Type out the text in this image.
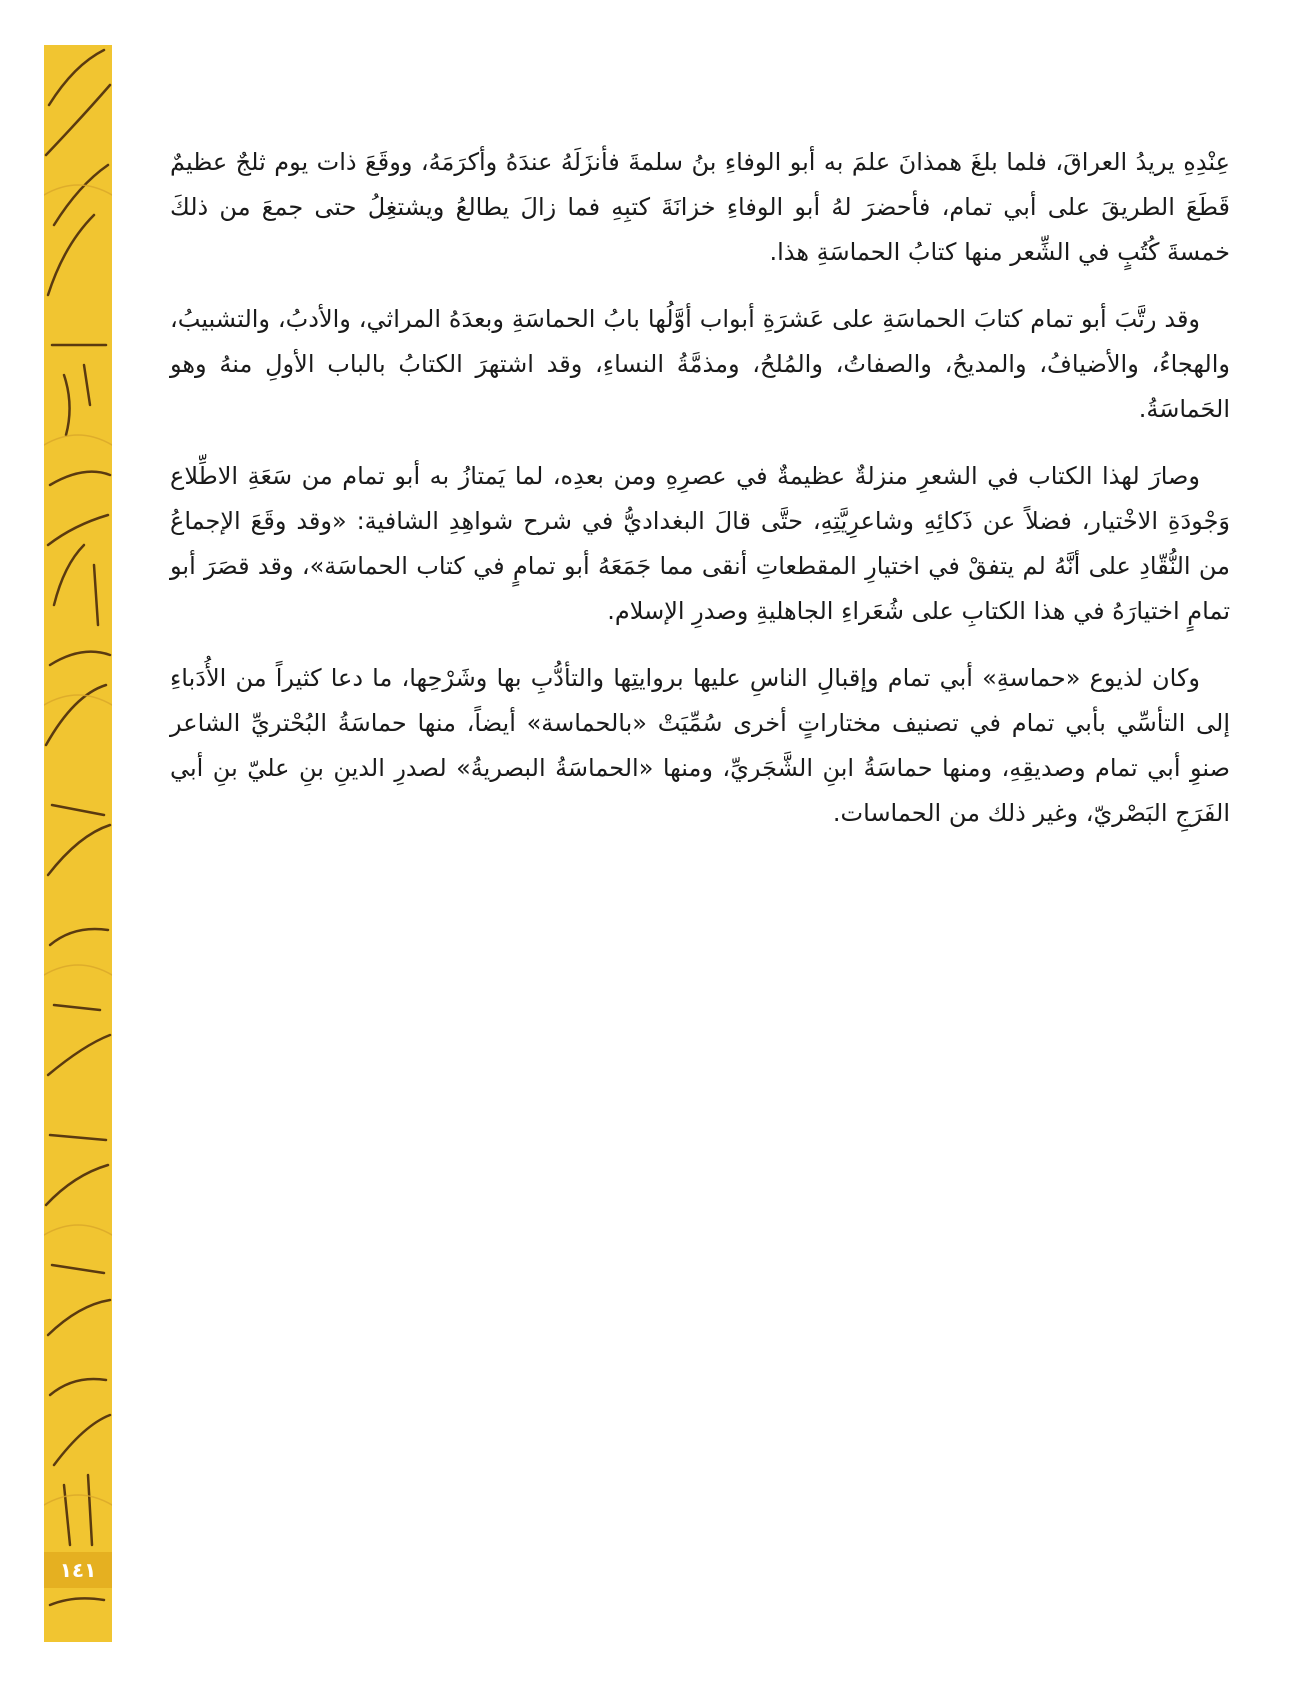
١٤١

عِنْدِهِ يريدُ العراقَ، فلما بلغَ همذانَ علمَ به أبو الوفاءِ بنُ سلمةَ فأنزَلَهُ عندَهُ وأكرَمَهُ، ووقَعَ ذات يوم ثلجٌ عظيمٌ قَطَعَ الطريقَ على أبي تمام، فأحضرَ لهُ أبو الوفاءِ خزانَةَ كتبِهِ فما زالَ يطالعُ ويشتغِلُ حتى جمعَ من ذلكَ خمسةَ كُتُبٍ في الشِّعر منها كتابُ الحماسَةِ هذا.

وقد رتَّبَ أبو تمام كتابَ الحماسَةِ على عَشرَةِ أبواب أوَّلُها بابُ الحماسَةِ وبعدَهُ المراثي، والأدبُ، والتشبيبُ، والهجاءُ، والأضيافُ، والمديحُ، والصفاتُ، والمُلحُ، ومذمَّةُ النساءِ، وقد اشتهرَ الكتابُ بالباب الأولِ منهُ وهو الحَماسَةُ.

وصارَ لهذا الكتاب في الشعرِ منزلةٌ عظيمةٌ في عصرِهِ ومن بعدِه، لما يَمتازُ به أبو تمام من سَعَةِ الاطِّلاع وَجْودَةِ الاخْتيار، فضلاً عن ذَكائِهِ وشاعرِيَّتِهِ، حتَّى قالَ البغداديُّ في شرح شواهِدِ الشافية: «وقد وقَعَ الإجماعُ من النُّقّادِ على أنَّهُ لم يتفقْ في اختيارِ المقطعاتِ أنقى مما جَمَعَهُ أبو تمامٍ في كتاب الحماسَة»، وقد قصَرَ أبو تمامٍ اختيارَهُ في هذا الكتابِ على شُعَراءِ الجاهليةِ وصدرِ الإسلام.

وكان لذيوع «حماسةِ» أبي تمام وإقبالِ الناسِ عليها بروايتِها والتأدُّبِ بها وشَرْحِها، ما دعا كثيراً من الأُدَباءِ إلى التأسِّي بأبي تمام في تصنيف مختاراتٍ أخرى سُمِّيَتْ «بالحماسة» أيضاً، منها حماسَةُ البُحْتريِّ الشاعر صنوِ أبي تمام وصديقِهِ، ومنها حماسَةُ ابنِ الشَّجَريِّ، ومنها «الحماسَةُ البصريةُ» لصدرِ الدينِ بنِ عليّ بنِ أبي الفَرَجِ البَصْريّ، وغير ذلك من الحماسات.
